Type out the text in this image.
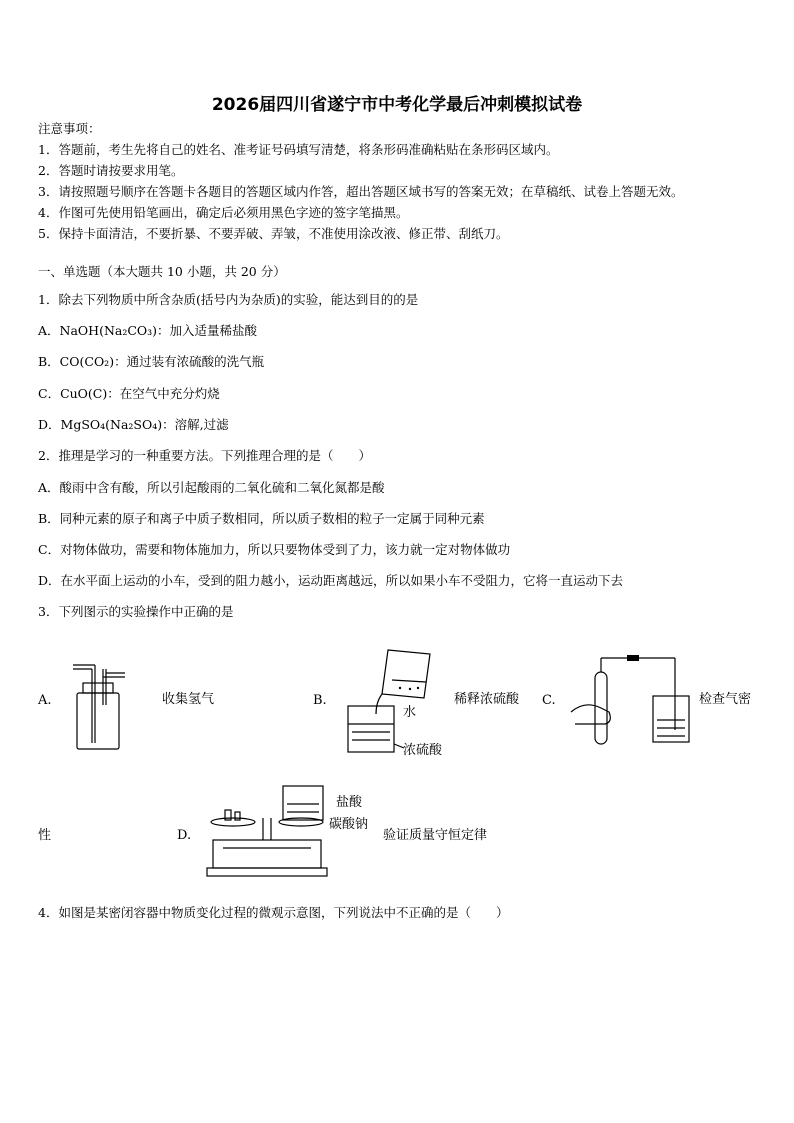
2026届四川省遂宁市中考化学最后冲刺模拟试卷
注意事项：
1．答题前，考生先将自己的姓名、准考证号码填写清楚，将条形码准确粘贴在条形码区域内。
2．答题时请按要求用笔。
3．请按照题号顺序在答题卡各题目的答题区域内作答，超出答题区域书写的答案无效；在草稿纸、试卷上答题无效。
4．作图可先使用铅笔画出，确定后必须用黑色字迹的签字笔描黑。
5．保持卡面清洁，不要折暴、不要弄破、弄皱，不准使用涂改液、修正带、刮纸刀。
一、单选题（本大题共 10 小题，共 20 分）
1．除去下列物质中所含杂质(括号内为杂质)的实验，能达到目的的是
A．NaOH(Na₂CO₃)：加入适量稀盐酸
B．CO(CO₂)：通过装有浓硫酸的洗气瓶
C．CuO(C)：在空气中充分灼烧
D．MgSO₄(Na₂SO₄)：溶解,过滤
2．推理是学习的一种重要方法。下列推理合理的是（　　）
A．酸雨中含有酸，所以引起酸雨的二氧化硫和二氧化氮都是酸
B．同种元素的原子和离子中质子数相同，所以质子数相的粒子一定属于同种元素
C．对物体做功，需要和物体施加力，所以只要物体受到了力，该力就一定对物体做功
D．在水平面上运动的小车，受到的阻力越小，运动距离越远，所以如果小车不受阻力，它将一直运动下去
3．下列图示的实验操作中正确的是
A.	收集氢气	B.
水
浓硫酸
稀释浓硫酸 C.	检查气密
性	D.
盐酸
碳酸钠
验证质量守恒定律
4．如图是某密闭容器中物质变化过程的微观示意图，下列说法中不正确的是（　　）
